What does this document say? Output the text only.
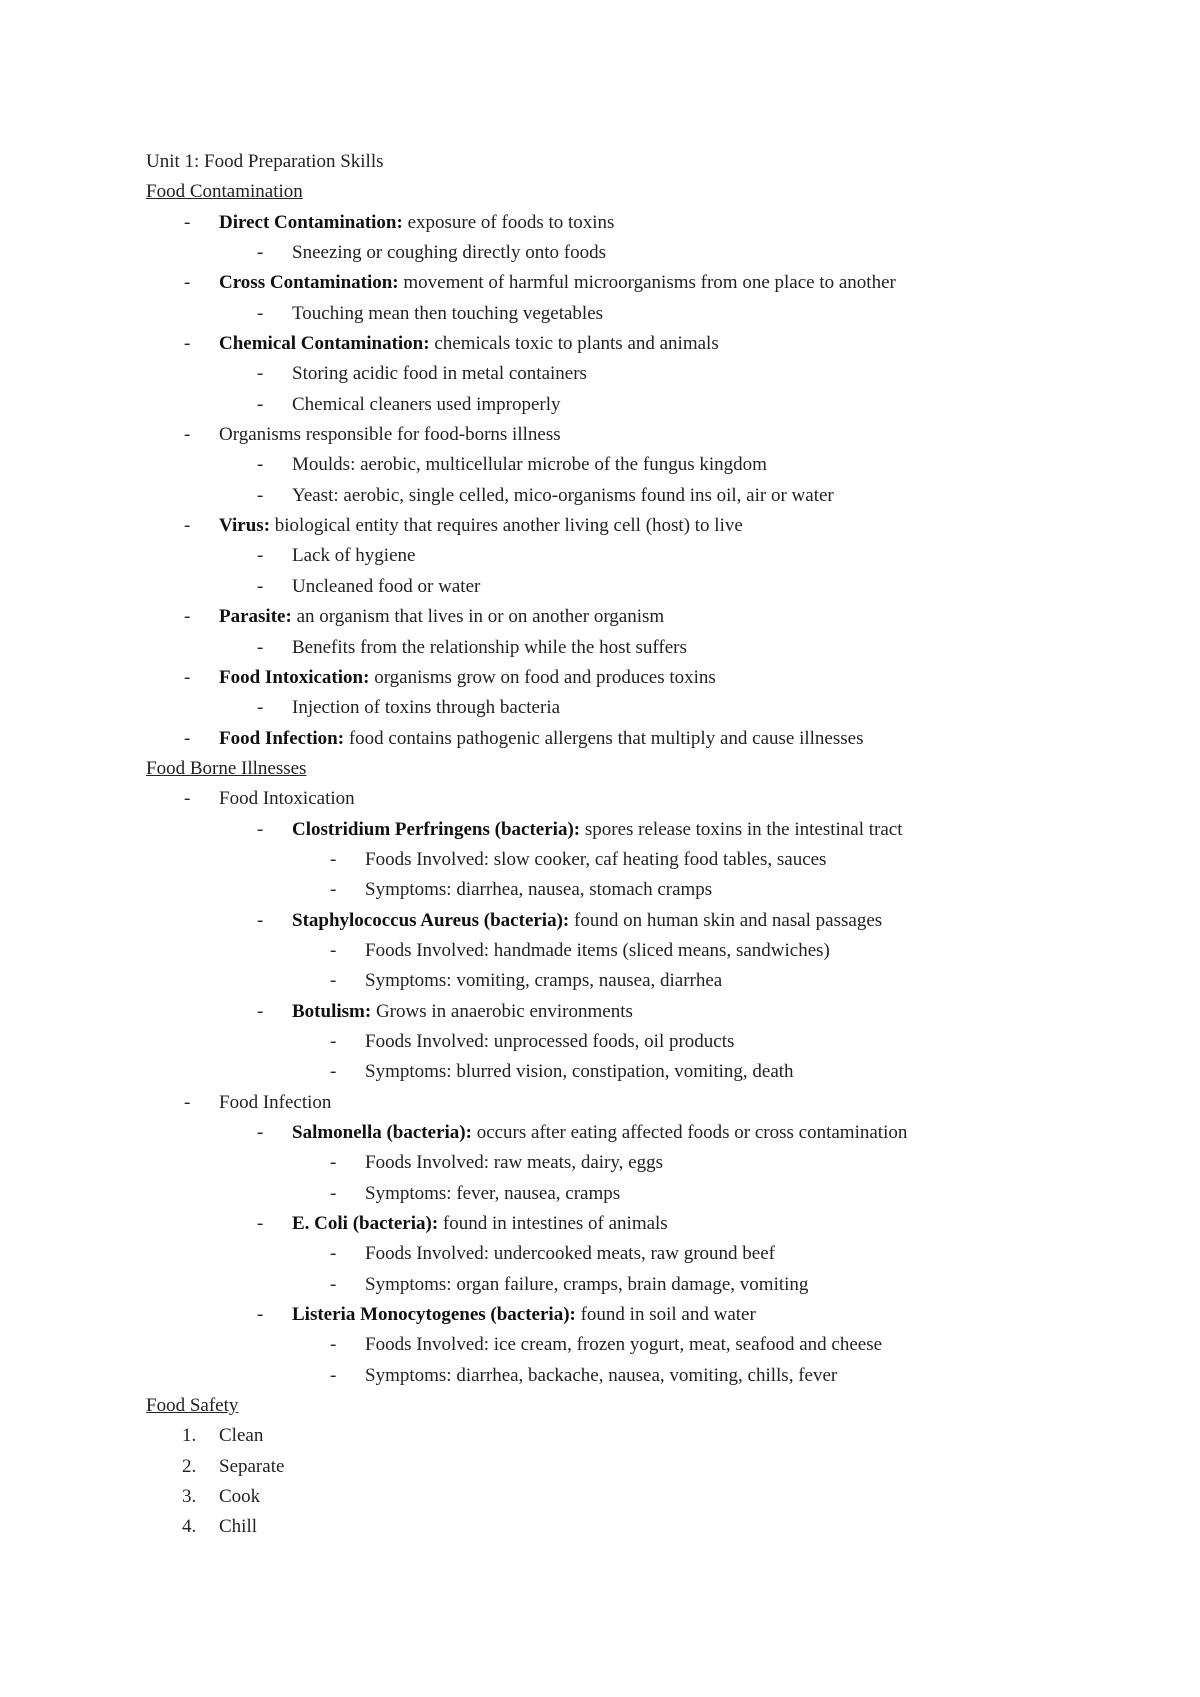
Unit 1: Food Preparation Skills
Food Contamination
-	Direct Contamination: exposure of foods to toxins
-	Sneezing or coughing directly onto foods
-	Cross Contamination: movement of harmful microorganisms from one place to another
-	Touching mean then touching vegetables
-	Chemical Contamination: chemicals toxic to plants and animals
-	Storing acidic food in metal containers
-	Chemical cleaners used improperly
-	Organisms responsible for food-borns illness
-	Moulds: aerobic, multicellular microbe of the fungus kingdom
-	Yeast: aerobic, single celled, mico-organisms found ins oil, air or water
-	Virus: biological entity that requires another living cell (host) to live
-	Lack of hygiene
-	Uncleaned food or water
-	Parasite: an organism that lives in or on another organism
-	Benefits from the relationship while the host suffers
-	Food Intoxication: organisms grow on food and produces toxins
-	Injection of toxins through bacteria
-	Food Infection: food contains pathogenic allergens that multiply and cause illnesses
Food Borne Illnesses
-	Food Intoxication
-	Clostridium Perfringens (bacteria): spores release toxins in the intestinal tract
-	Foods Involved: slow cooker, caf heating food tables, sauces
-	Symptoms: diarrhea, nausea, stomach cramps
-	Staphylococcus Aureus (bacteria): found on human skin and nasal passages
-	Foods Involved: handmade items (sliced means, sandwiches)
-	Symptoms: vomiting, cramps, nausea, diarrhea
-	Botulism: Grows in anaerobic environments
-	Foods Involved: unprocessed foods, oil products
-	Symptoms: blurred vision, constipation, vomiting, death
-	Food Infection
-	Salmonella (bacteria): occurs after eating affected foods or cross contamination
-	Foods Involved: raw meats, dairy, eggs
-	Symptoms: fever, nausea, cramps
-	E. Coli (bacteria): found in intestines of animals
-	Foods Involved: undercooked meats, raw ground beef
-	Symptoms: organ failure, cramps, brain damage, vomiting
-	Listeria Monocytogenes (bacteria): found in soil and water
-	Foods Involved: ice cream, frozen yogurt, meat, seafood and cheese
-	Symptoms: diarrhea, backache, nausea, vomiting, chills, fever
Food Safety
1.	Clean
2.	Separate
3.	Cook
4.	Chill
